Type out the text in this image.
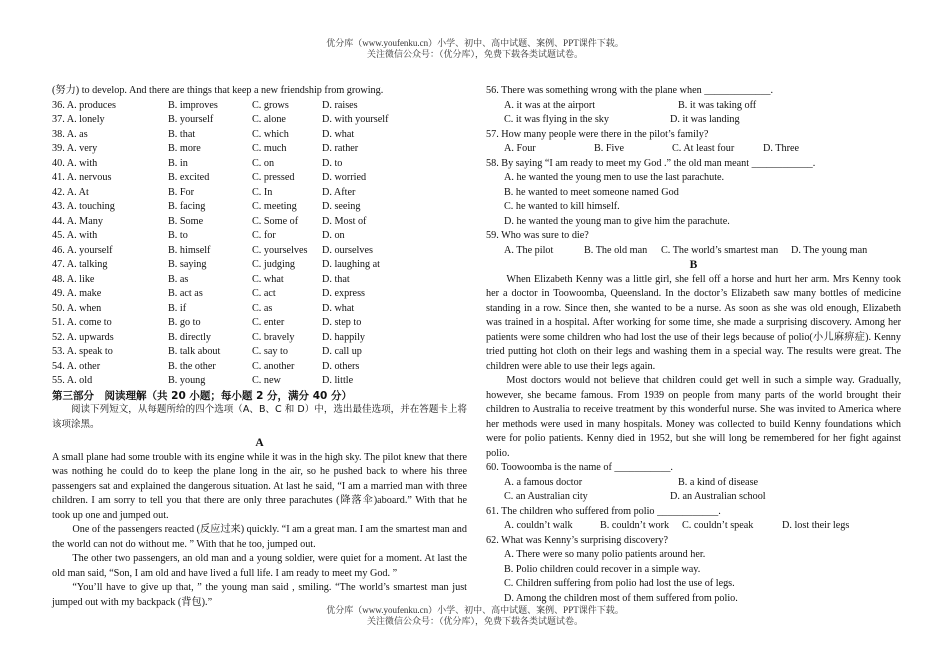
优分库（www.youfenku.cn）小学、初中、高中试题、案例、PPT课件下载。
关注微信公众号：（优分库），免费下载各类试题试卷。
(努力) to develop. And there are things that keep a new friendship from growing.
36. A. produces	B. improves	C. grows	D. raises
37. A. lonely	B. yourself	C. alone	D. with yourself
38. A. as	B. that	C. which	D. what
39. A. very	B. more	C. much	D. rather
40. A. with	B. in	C. on	D. to
41. A. nervous	B. excited	C. pressed	D. worried
42. A. At	B. For	C. In	D. After
43. A. touching	B. facing	C. meeting D. seeing
44. A. Many	B. Some	C. Some of D. Most of
45. A. with	B. to	C. for	D. on
46. A. yourself	B. himself	C. yourselves D. ourselves
47. A. talking	B. saying	C. judging	D. laughing at
48. A. like	B. as	C. what	D. that
49. A. make	B. act as	C. act	D. express
50. A. when	B. if	C. as	D. what
51. A. come to	B. go to	C. enter	D. step to
52. A. upwards	B. directly	C. bravely	D. happily
53. A. speak to	B. talk about	C. say to	D. call up
54. A. other	B. the other	C. another	D. others
55. A. old	B. young	C. new	D. little
第三部分　阅读理解（共 20 小题；每小题 2 分，满分 40 分）
阅读下列短文，从每题所给的四个选项（A、B、C 和 D）中，选出最佳选项，并在答题卡上将该项涂黑。
A
A small plane had some trouble with its engine while it was in the high sky. The pilot knew that there was nothing he could do to keep the plane long in the air, so he pushed back to where his three passengers sat and explained the dangerous situation. At last he said, “I am a married man with three children. I am sorry to tell you that there are only three parachutes (降落伞)aboard.” With that he took up one and jumped out.
One of the passengers reacted (反应过来) quickly. “I am a great man. I am the smartest man and the world can not do without me. ” With that he too, jumped out.
The other two passengers, an old man and a young soldier, were quiet for a moment. At last the old man said, “Son, I am old and have lived a full life. I am ready to meet my God. ”
“You’ll have to give up that, ” the young man said , smiling. “The world’s smartest man just jumped out with my backpack (背包).”
56. There was something wrong with the plane when _____________.
A. it was at the airport	B. it was taking off
C. it was flying in the sky	D. it was landing
57. How many people were there in the pilot’s family?
A. Four	B. Five	C. At least four	D. Three
58. By saying “I am ready to meet my God .” the old man meant ____________.
A. he wanted the young men to use the last parachute.
B. he wanted to meet someone named God
C. he wanted to kill himself.
D. he wanted the young man to give him the parachute.
59. Who was sure to die?
A. The pilot	B. The old man C. The world’s smartest man D. The young man
B
When Elizabeth Kenny was a little girl, she fell off a horse and hurt her arm. Mrs Kenny took her a doctor in Toowoomba, Queensland. In the doctor’s Elizabeth saw many bottles of medicine standing in a row. Since then, she wanted to be a nurse. As soon as she was old enough, Elizabeth was trained in a hospital. After working for some time, she made a surprising discovery. Among her patients were some children who had lost the use of their legs because of polio(小儿麻痹症). Kenny tried putting hot cloth on their legs and washing them in a special way. The results were great. The children were able to use their legs again.
Most doctors would not believe that children could get well in such a simple way. Gradually, however, she became famous. From 1939 on people from many parts of the world brought their children to Australia to receive treatment by this wonderful nurse. She was invited to America where her methods were used in many hospitals. Money was collected to build Kenny foundations which were for polio patients. Kenny died in 1952, but she will long be remembered for her fight against polio.
60. Toowoomba is the name of ___________.
A. a famous doctor	B. a kind of disease
C. an Australian city	D. an Australian school
61. The children who suffered from polio ____________.
A. couldn’t walk	B. couldn’t work C. couldn’t speak	D. lost their legs
62. What was Kenny’s surprising discovery?
A. There were so many polio patients around her.
B. Polio children could recover in a simple way.
C. Children suffering from polio had lost the use of legs.
D. Among the children most of them suffered from polio.
优分库（www.youfenku.cn）小学、初中、高中试题、案例、PPT课件下载。
关注微信公众号：（优分库），免费下载各类试题试卷。
